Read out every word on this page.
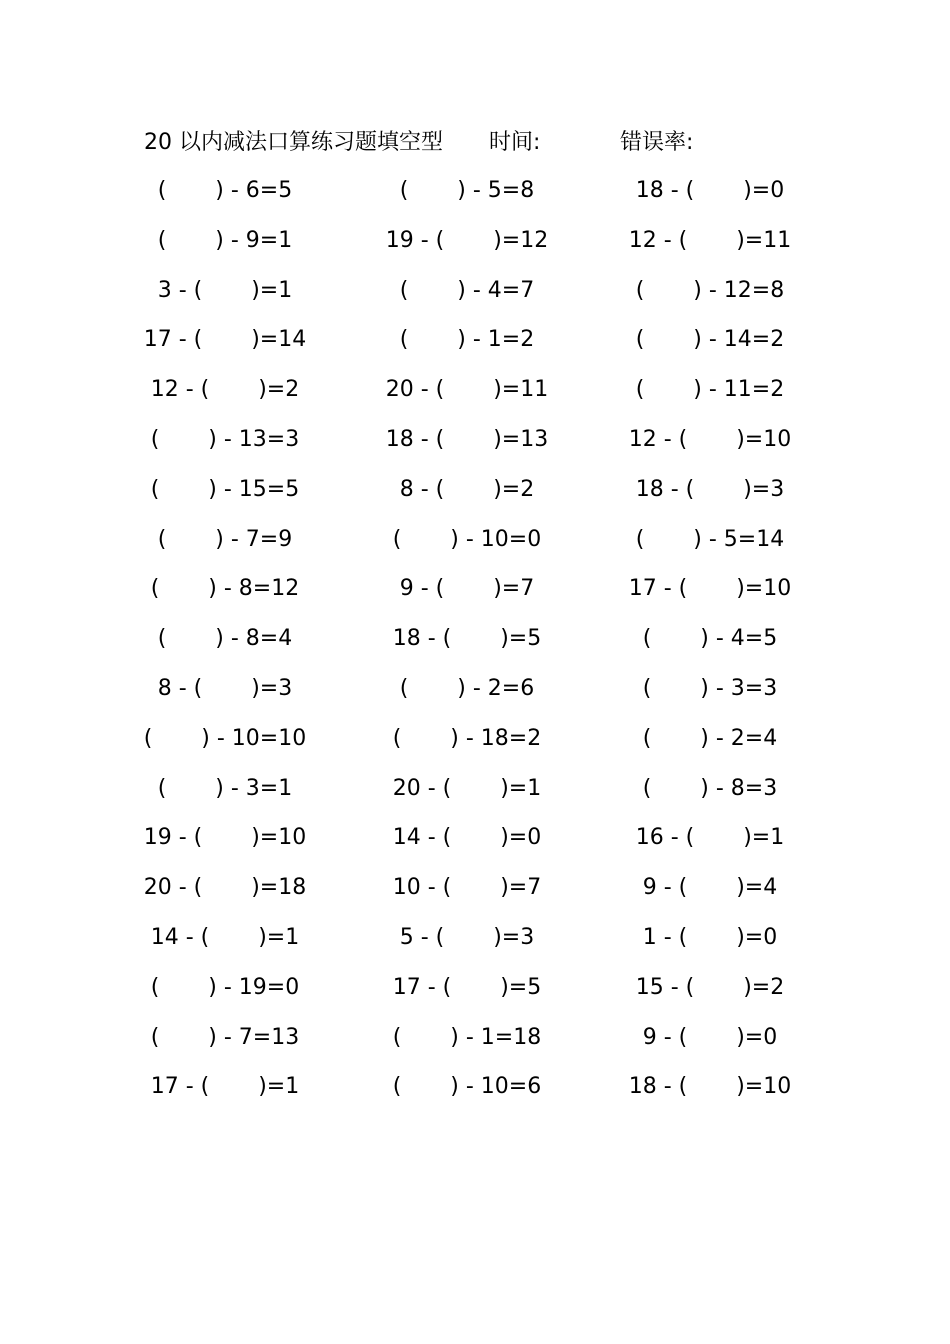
20 以内减法口算练习题填空型 时间:	错误率:
(       ) - 6=5	(       ) - 5=8	18 - (       )=0
(       ) - 9=1	19 - (       )=12	12 - (       )=11
3 - (       )=1	(       ) - 4=7	(       ) - 12=8
17 - (       )=14	(       ) - 1=2	(       ) - 14=2
12 - (       )=2	20 - (       )=11	(       ) - 11=2
(       ) - 13=3	18 - (       )=13	12 - (       )=10
(       ) - 15=5	8 - (       )=2	18 - (       )=3
(       ) - 7=9	(       ) - 10=0	(       ) - 5=14
(       ) - 8=12	9 - (       )=7	17 - (       )=10
(       ) - 8=4	18 - (       )=5	(       ) - 4=5
8 - (       )=3	(       ) - 2=6	(       ) - 3=3
(       ) - 10=10	(       ) - 18=2	(       ) - 2=4
(       ) - 3=1	20 - (       )=1	(       ) - 8=3
19 - (       )=10	14 - (       )=0	16 - (       )=1
20 - (       )=18	10 - (       )=7	9 - (       )=4
14 - (       )=1	5 - (       )=3	1 - (       )=0
(       ) - 19=0	17 - (       )=5	15 - (       )=2
(       ) - 7=13	(       ) - 1=18	9 - (       )=0
17 - (       )=1	(       ) - 10=6	18 - (       )=10
